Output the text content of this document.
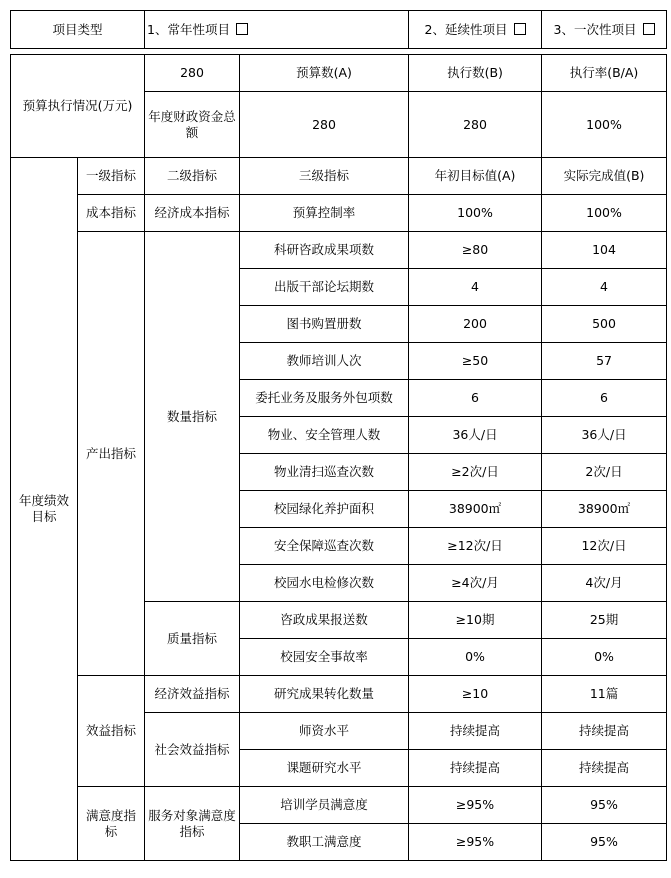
项目类型		1、常年性项目		2、延续性项目	3、一次性项目

预算执行情况(万元)		280	预算数(A)	执行数(B)	执行率(B/A)
		年度财政资金总额	280	280	100%
年度绩效目标	一级指标	二级指标	三级指标	年初目标值(A)	实际完成值(B)
	成本指标	经济成本指标	预算控制率	100%	100%
	产出指标	数量指标	科研咨政成果项数	≥80	104
			出版干部论坛期数	4	4
			图书购置册数	200	500
			教师培训人次	≥50	57
			委托业务及服务外包项数	6	6
			物业、安全管理人数	36人/日	36人/日
			物业清扫巡查次数	≥2次/日	2次/日
			校园绿化养护面积	38900㎡	38900㎡
			安全保障巡查次数	≥12次/日	12次/日
			校园水电检修次数	≥4次/月	4次/月
		质量指标	咨政成果报送数	≥10期	25期
			校园安全事故率	0%	0%
	效益指标	经济效益指标	研究成果转化数量	≥10	11篇
		社会效益指标	师资水平	持续提高	持续提高
			课题研究水平	持续提高	持续提高
	满意度指标	服务对象满意度指标	培训学员满意度	≥95%	95%
			教职工满意度	≥95%	95%
